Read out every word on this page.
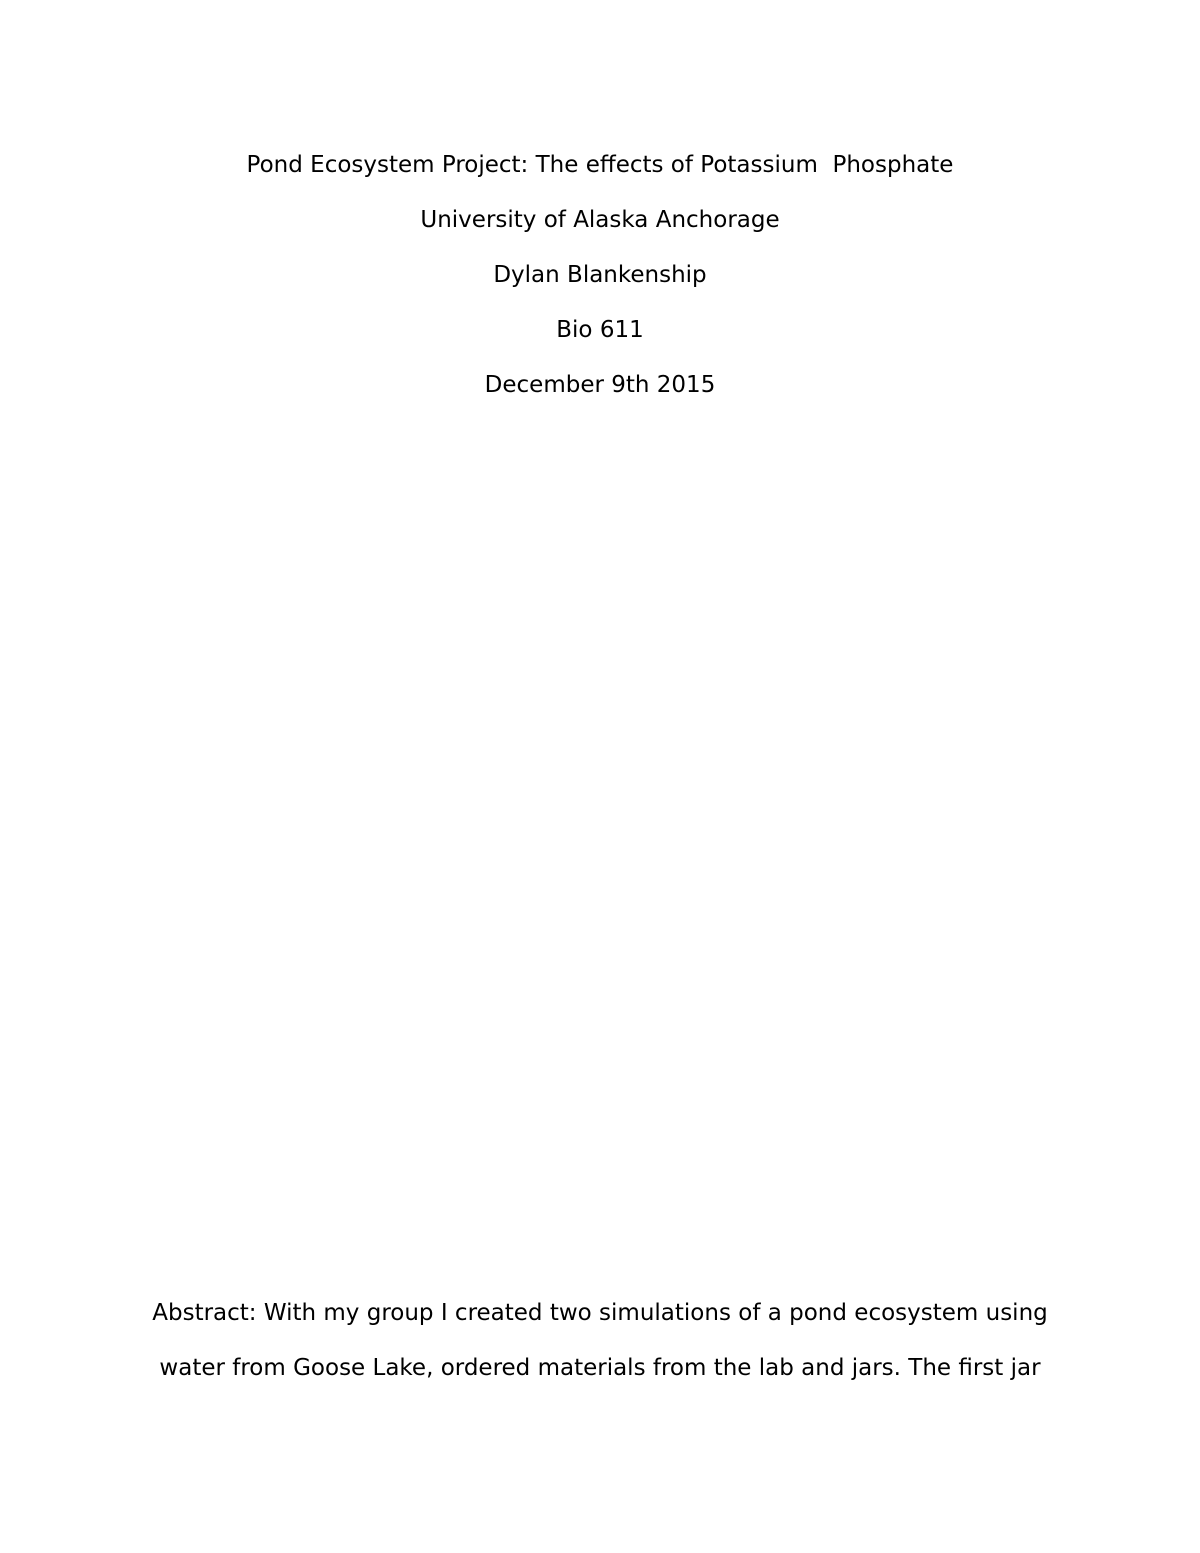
Pond Ecosystem Project: The effects of Potassium  Phosphate
University of Alaska Anchorage
Dylan Blankenship
Bio 611
December 9th 2015
Abstract: With my group I created two simulations of a pond ecosystem using
water from Goose Lake, ordered materials from the lab and jars. The first jar
